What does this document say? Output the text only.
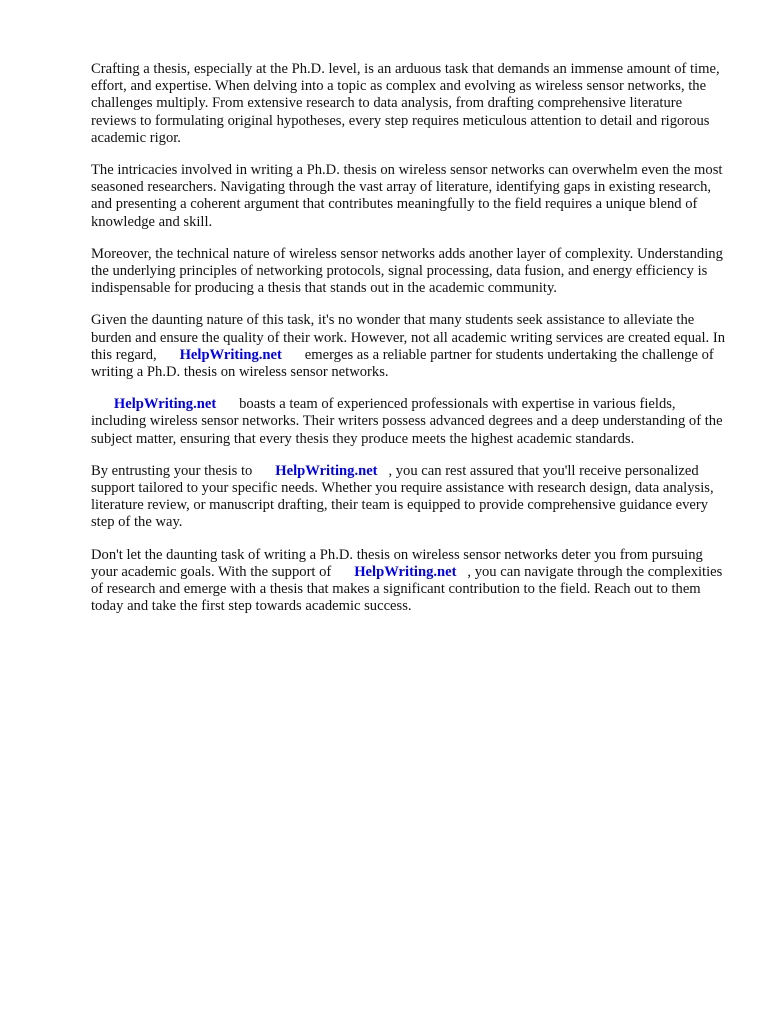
Crafting a thesis, especially at the Ph.D. level, is an arduous task that demands an immense amount of time, effort, and expertise. When delving into a topic as complex and evolving as wireless sensor networks, the challenges multiply. From extensive research to data analysis, from drafting comprehensive literature reviews to formulating original hypotheses, every step requires meticulous attention to detail and rigorous academic rigor.

The intricacies involved in writing a Ph.D. thesis on wireless sensor networks can overwhelm even the most seasoned researchers. Navigating through the vast array of literature, identifying gaps in existing research, and presenting a coherent argument that contributes meaningfully to the field requires a unique blend of knowledge and skill.

Moreover, the technical nature of wireless sensor networks adds another layer of complexity. Understanding the underlying principles of networking protocols, signal processing, data fusion, and energy efficiency is indispensable for producing a thesis that stands out in the academic community.

Given the daunting nature of this task, it's no wonder that many students seek assistance to alleviate the burden and ensure the quality of their work. However, not all academic writing services are created equal. In this regard, HelpWriting.net emerges as a reliable partner for students undertaking the challenge of writing a Ph.D. thesis on wireless sensor networks.

HelpWriting.net boasts a team of experienced professionals with expertise in various fields, including wireless sensor networks. Their writers possess advanced degrees and a deep understanding of the subject matter, ensuring that every thesis they produce meets the highest academic standards.

By entrusting your thesis to HelpWriting.net , you can rest assured that you'll receive personalized support tailored to your specific needs. Whether you require assistance with research design, data analysis, literature review, or manuscript drafting, their team is equipped to provide comprehensive guidance every step of the way.

Don't let the daunting task of writing a Ph.D. thesis on wireless sensor networks deter you from pursuing your academic goals. With the support of HelpWriting.net , you can navigate through the complexities of research and emerge with a thesis that makes a significant contribution to the field. Reach out to them today and take the first step towards academic success.
